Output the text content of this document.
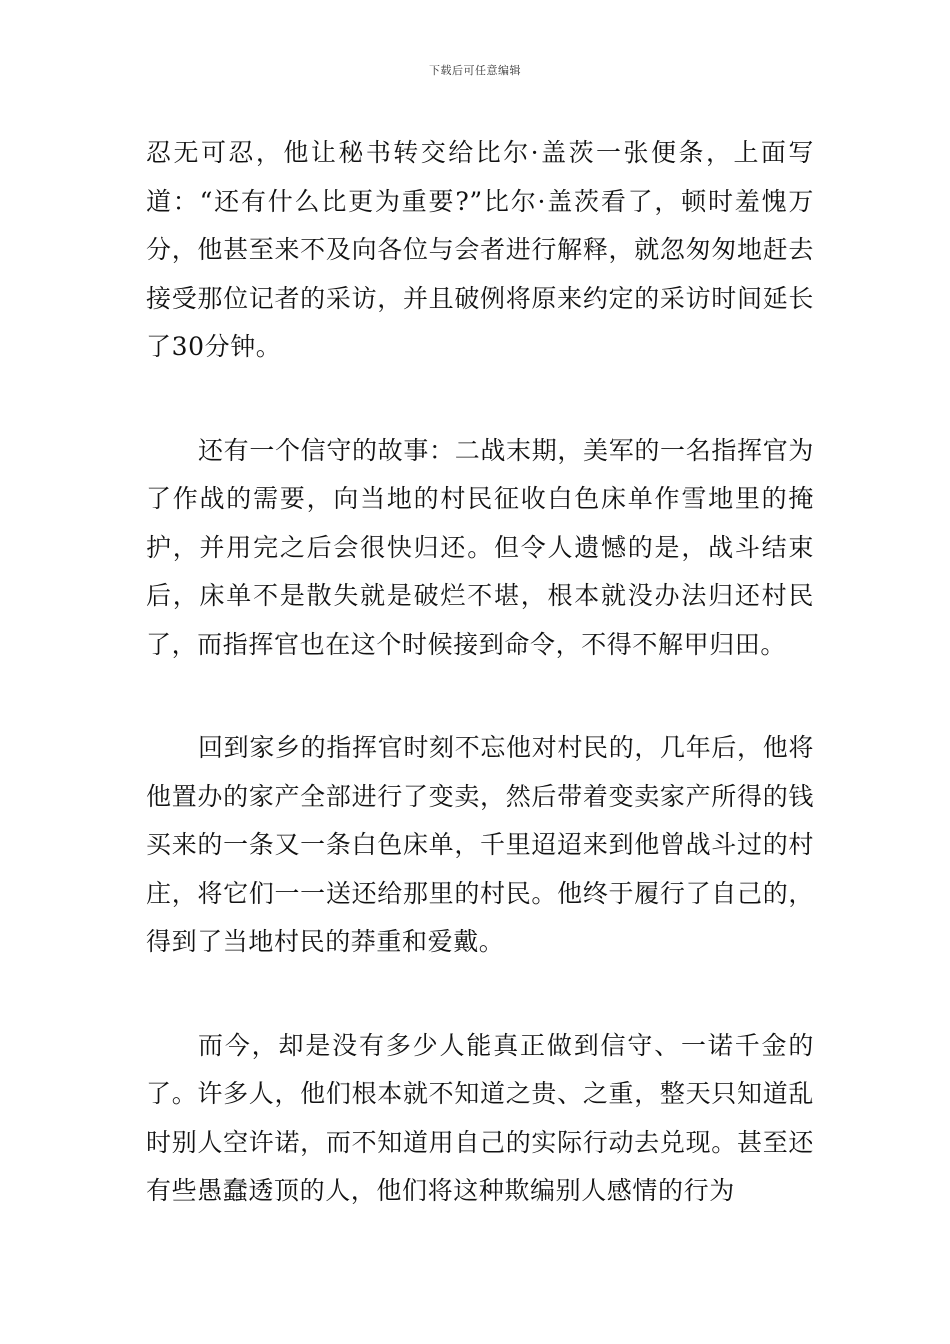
下载后可任意编辑

忍无可忍，他让秘书转交给比尔·盖茨一张便条，上面写道：“还有什么比更为重要?”比尔·盖茨看了，顿时羞愧万分，他甚至来不及向各位与会者进行解释，就忽匆匆地赶去接受那位记者的采访，并且破例将原来约定的采访时间延长了30分钟。

还有一个信守的故事：二战末期，美军的一名指挥官为了作战的需要，向当地的村民征收白色床单作雪地里的掩护，并用完之后会很快归还。但令人遗憾的是，战斗结束后，床单不是散失就是破烂不堪，根本就没办法归还村民了，而指挥官也在这个时候接到命令，不得不解甲归田。

回到家乡的指挥官时刻不忘他对村民的，几年后，他将他置办的家产全部进行了变卖，然后带着变卖家产所得的钱买来的一条又一条白色床单，千里迢迢来到他曾战斗过的村庄，将它们一一送还给那里的村民。他终于履行了自己的，得到了当地村民的莽重和爱戴。

而今，却是没有多少人能真正做到信守、一诺千金的了。许多人，他们根本就不知道之贵、之重，整天只知道乱时别人空许诺，而不知道用自己的实际行动去兑现。甚至还有些愚蠢透顶的人，他们将这种欺编别人感情的行为
